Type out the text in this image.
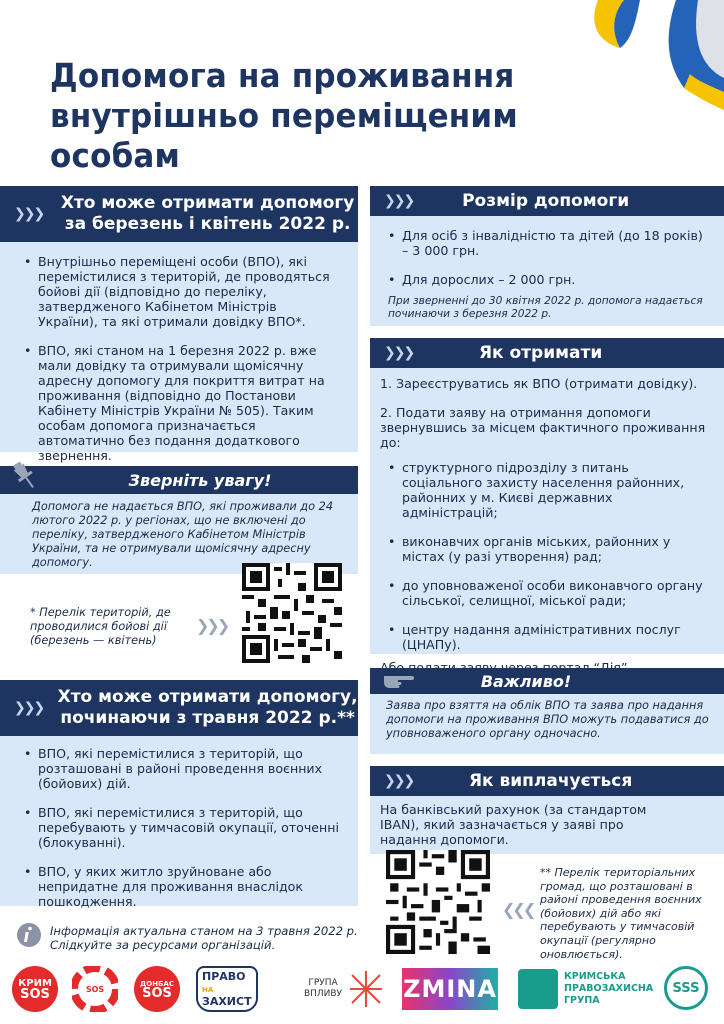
Допомога на проживання
внутрішньо переміщеним особам
❯❯❯
Хто може отримати допомогу
за березень і квітень 2022 р.
• Внутрішньо переміщені особи (ВПО), які перемістилися з територій, де проводяться бойові дії (відповідно до переліку, затвердженого Кабінетом Міністрів України), та які отримали довідку ВПО*.
• ВПО, які станом на 1 березня 2022 р. вже мали довідку та отримували щомісячну адресну допомогу для покриття витрат на проживання (відповідно до Постанови Кабінету Міністрів України № 505). Таким особам допомога призначається автоматично без подання додаткового звернення.
Зверніть увагу!
Допомога не надається ВПО, які проживали до 24 лютого 2022 р. у регіонах, що не включені до переліку, затвердженого Кабінетом Міністрів України, та не отримували щомісячну адресну допомогу.
* Перелік територій, де проводилися бойові дії (березень — квітень)
❯❯❯
❯❯❯
Хто може отримати допомогу,
починаючи з травня 2022 р.**
• ВПО, які перемістилися з територій, що розташовані в районі проведення воєнних (бойових) дій.
• ВПО, які перемістилися з територій, що перебувають у тимчасовій окупації, оточенні (блокуванні).
• ВПО, у яких житло зруйноване або непридатне для проживання внаслідок пошкодження.
Інформація актуальна станом на 3 травня 2022 р.
Слідкуйте за ресурсами організацій.
❯❯❯	Розмір допомоги
• Для осіб з інвалідністю та дітей (до 18 років) – 3 000 грн.
• Для дорослих – 2 000 грн.
При зверненні до 30 квітня 2022 р. допомога надається починаючи з березня 2022 р.
❯❯❯	Як отримати
1. Зареєструватись як ВПО (отримати довідку).
2. Подати заяву на отримання допомоги звернувшись за місцем фактичного проживання до:
• структурного підрозділу з питань соціального захисту населення районних, районних у м. Києві державних адміністрацій;
• виконавчих органів міських, районних у містах (у разі утворення) рад;
• до уповноваженої особи виконавчого органу сільської, селищної, міської ради;
• центру надання адміністративних послуг (ЦНАПу).
Важливо!
Заява про взяття на облік ВПО та заява про надання допомоги на проживання ВПО можуть подаватися до уповноваженого органу одночасно.
❯❯❯	Як виплачується
На банківський рахунок (за стандартом IBAN), який зазначається у заяві про надання допомоги.
❮❮❮
** Перелік територіальних громад, що розташовані в районі проведення воєнних (бойових) дій або які перебувають у тимчасовій окупації (регулярно оновлюється).
КРИМ
SOS	SOS
ДОНБАС
SOS
ПРАВО НА
ЗАХИСТ
ГРУПА
ВПЛИВУ	ZMINA	КРИМСЬКА
ПРАВОЗАХИСНА
ГРУПА
SSS
